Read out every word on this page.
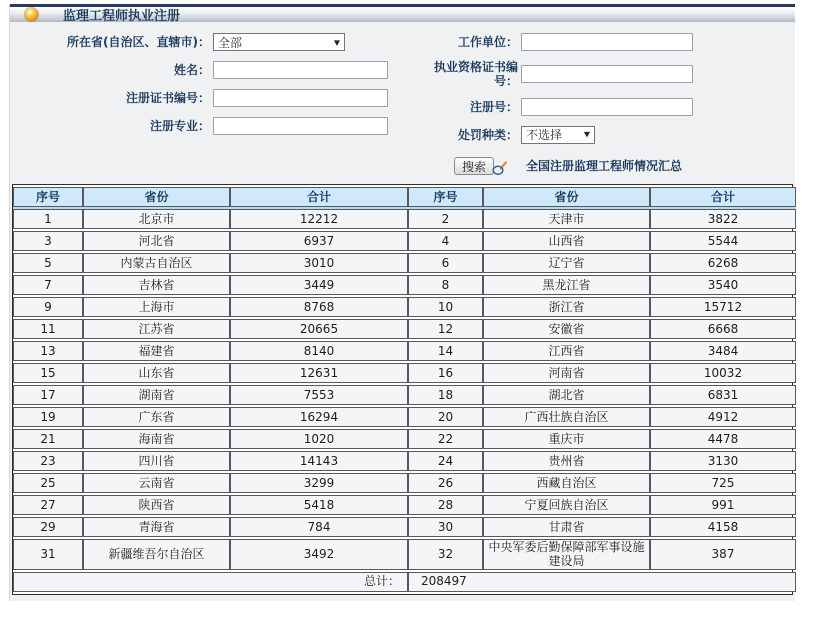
监理工程师执业注册
所在省(自治区、直辖市)： 全部	▼
姓名：
注册证书编号：
注册专业：
工作单位：
执业资格证书编号：
注册号：
处罚种类： 不选择	▼
搜索	全国注册监理工程师情况汇总
序号	省份	合计	序号	省份	合计
1	北京市	12212	2	天津市	3822
3	河北省	6937	4	山西省	5544
5	内蒙古自治区	3010	6	辽宁省	6268
7	吉林省	3449	8	黑龙江省	3540
9	上海市	8768	10	浙江省	15712
11	江苏省	20665	12	安徽省	6668
13	福建省	8140	14	江西省	3484
15	山东省	12631	16	河南省	10032
17	湖南省	7553	18	湖北省	6831
19	广东省	16294	20	广西壮族自治区	4912
21	海南省	1020	22	重庆市	4478
23	四川省	14143	24	贵州省	3130
25	云南省	3299	26	西藏自治区	725
27	陕西省	5418	28	宁夏回族自治区	991
29	青海省	784	30	甘肃省	4158
31	新疆维吾尔自治区	3492	32	中央军委后勤保障部军事设施建设局	387
总计：			208497		
